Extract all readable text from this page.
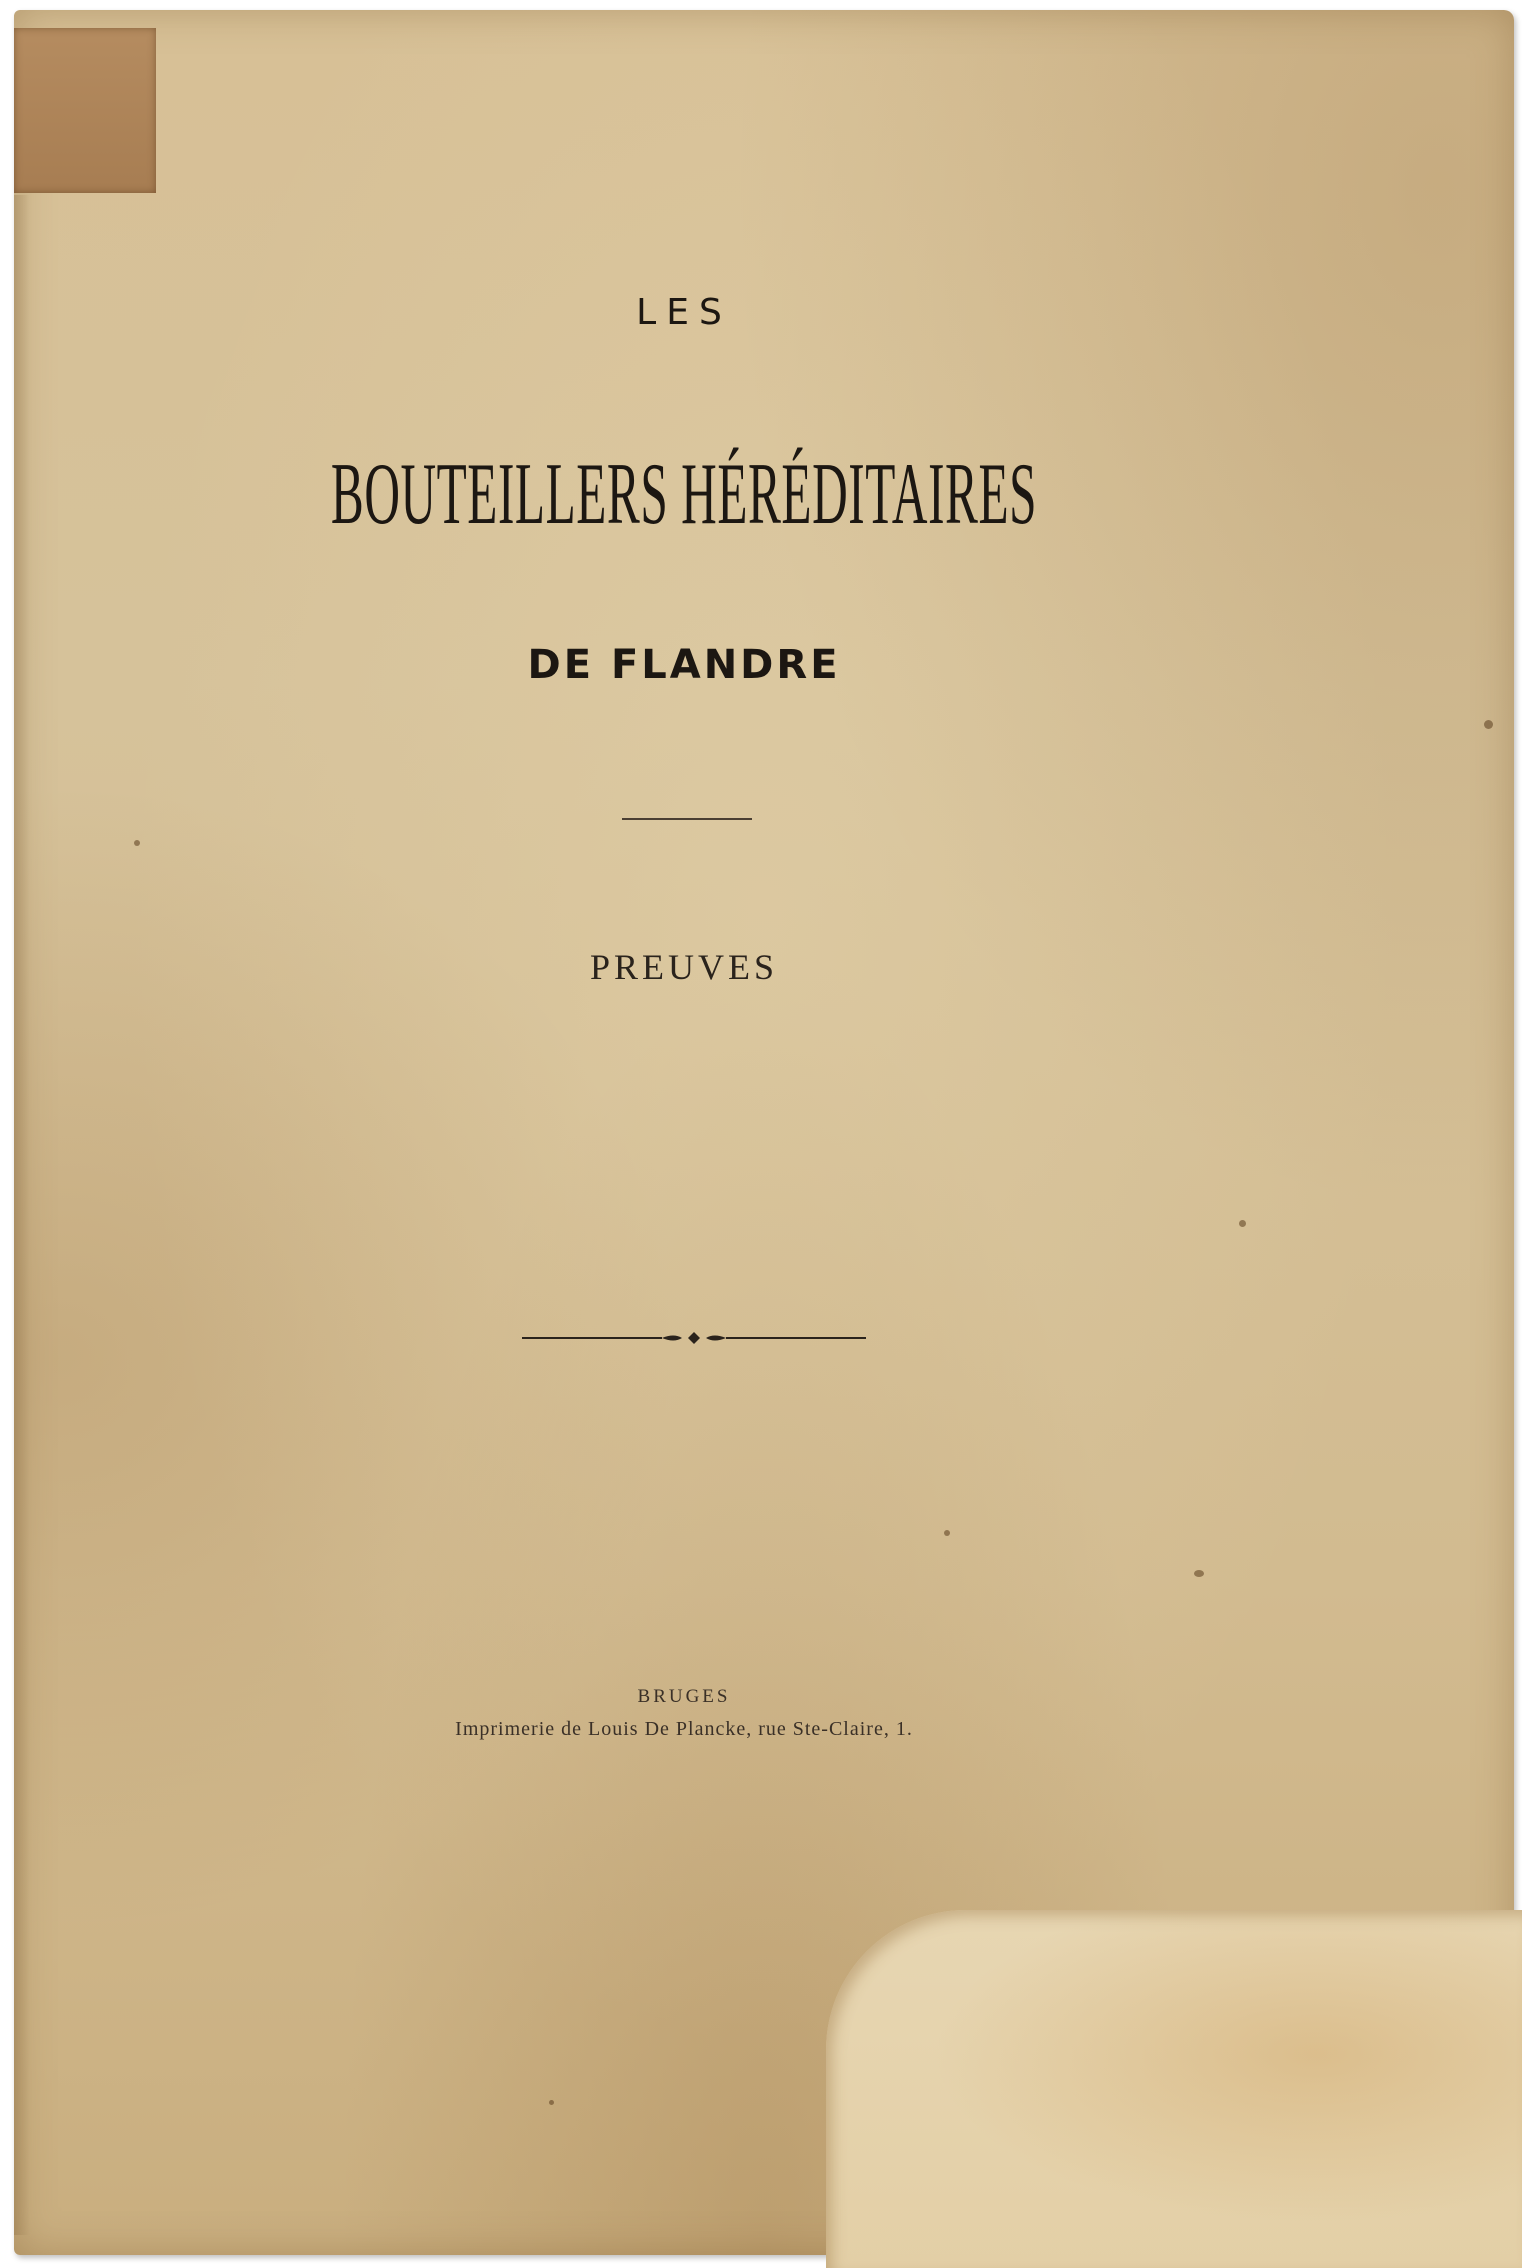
LES
BOUTEILLERS HÉRÉDITAIRES
DE FLANDRE
PREUVES
BRUGES
Imprimerie de Louis De Plancke, rue Ste-Claire, 1.
